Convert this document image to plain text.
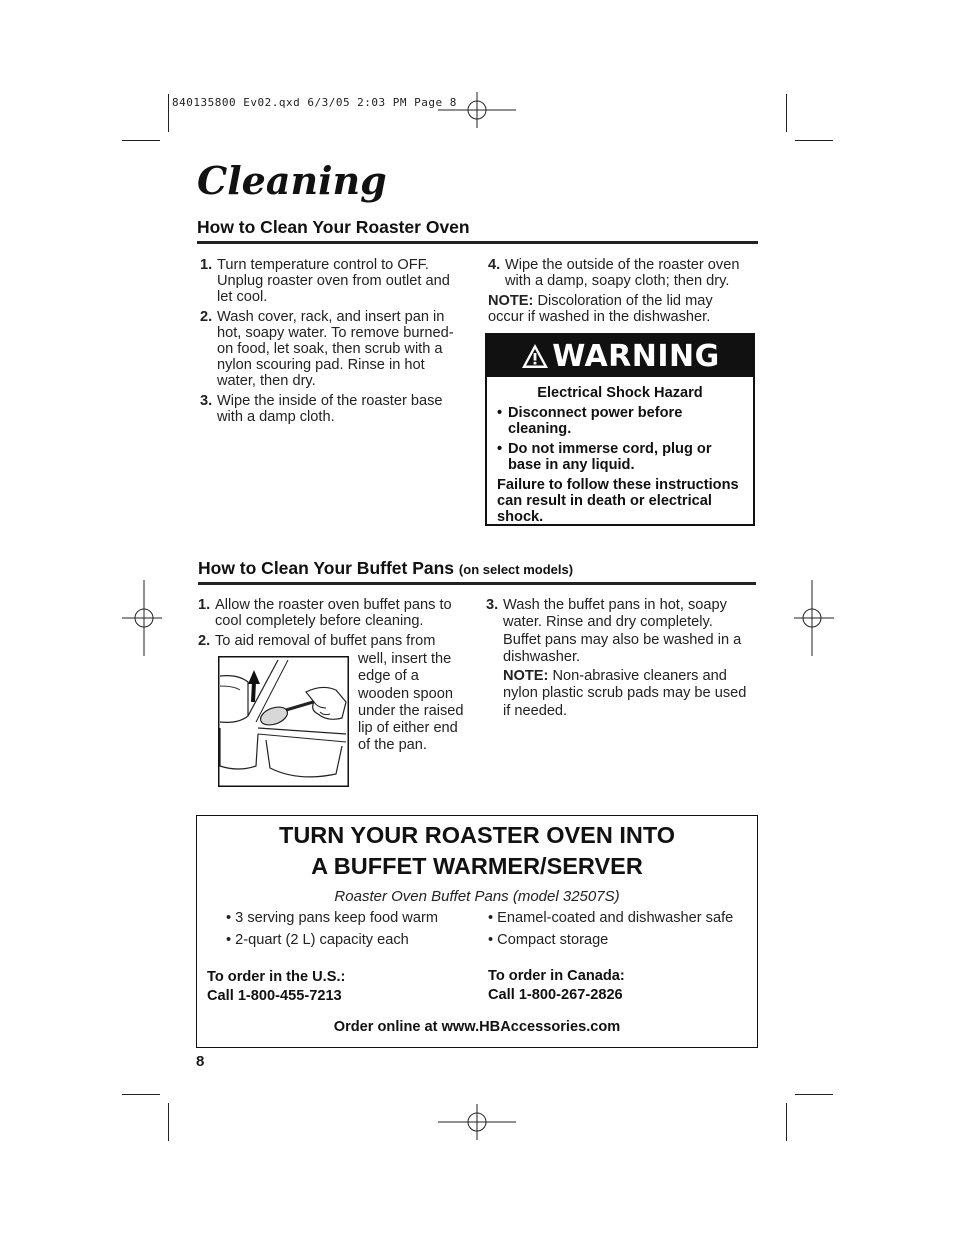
840135800 Ev02.qxd 6/3/05 2:03 PM Page 8
Cleaning
How to Clean Your Roaster Oven
1. Turn temperature control to OFF. Unplug roaster oven from outlet and let cool.
2. Wash cover, rack, and insert pan in hot, soapy water. To remove burned-on food, let soak, then scrub with a nylon scouring pad. Rinse in hot water, then dry.
3. Wipe the inside of the roaster base with a damp cloth.
4. Wipe the outside of the roaster oven with a damp, soapy cloth; then dry.
NOTE: Discoloration of the lid may occur if washed in the dishwasher.
WARNING
Electrical Shock Hazard
• Disconnect power before cleaning.
• Do not immerse cord, plug or base in any liquid.
Failure to follow these instructions can result in death or electrical shock.
How to Clean Your Buffet Pans (on select models)
1. Allow the roaster oven buffet pans to cool completely before cleaning.
2. To aid removal of buffet pans from
well, insert the edge of a wooden spoon under the raised lip of either end of the pan.
3. Wash the buffet pans in hot, soapy water. Rinse and dry completely. Buffet pans may also be washed in a dishwasher.
NOTE: Non-abrasive cleaners and nylon plastic scrub pads may be used if needed.
TURN YOUR ROASTER OVEN INTO
A BUFFET WARMER/SERVER
Roaster Oven Buffet Pans (model 32507S)
• 3 serving pans keep food warm
• 2-quart (2 L) capacity each
• Enamel-coated and dishwasher safe
• Compact storage
To order in the U.S.:
Call 1-800-455-7213
To order in Canada:
Call 1-800-267-2826
Order online at www.HBAccessories.com
8
